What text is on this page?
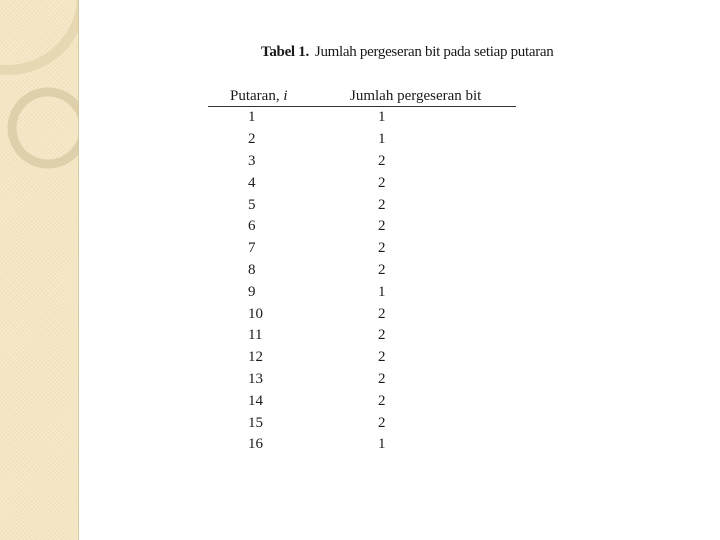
Tabel 1. Jumlah pergeseran bit pada setiap putaran
Putaran, i	Jumlah pergeseran bit
1	1
2	1
3	2
4	2
5	2
6	2
7	2
8	2
9	1
10	2
11	2
12	2
13	2
14	2
15	2
16	1
